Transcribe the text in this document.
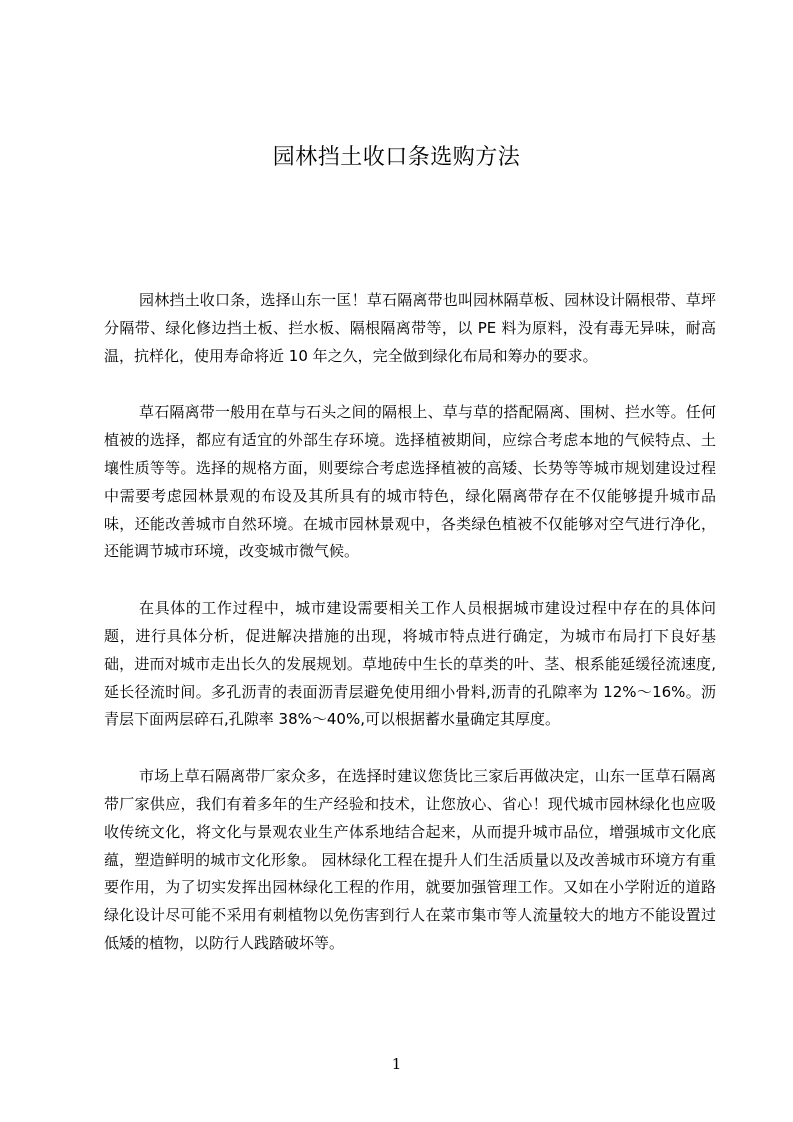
园林挡土收口条选购方法

园林挡土收口条，选择山东一匡！草石隔离带也叫园林隔草板、园林设计隔根带、草坪分隔带、绿化修边挡土板、拦水板、隔根隔离带等，以 PE 料为原料，没有毒无异味，耐高温，抗样化，使用寿命将近 10 年之久，完全做到绿化布局和筹办的要求。

草石隔离带一般用在草与石头之间的隔根上、草与草的搭配隔离、围树、拦水等。任何植被的选择，都应有适宜的外部生存环境。选择植被期间，应综合考虑本地的气候特点、土壤性质等等。选择的规格方面，则要综合考虑选择植被的高矮、长势等等城市规划建设过程中需要考虑园林景观的布设及其所具有的城市特色，绿化隔离带存在不仅能够提升城市品味，还能改善城市自然环境。在城市园林景观中，各类绿色植被不仅能够对空气进行净化，还能调节城市环境，改变城市微气候。

在具体的工作过程中，城市建设需要相关工作人员根据城市建设过程中存在的具体问题，进行具体分析，促进解决措施的出现，将城市特点进行确定，为城市布局打下良好基础，进而对城市走出长久的发展规划。草地砖中生长的草类的叶、茎、根系能延缓径流速度,延长径流时间。多孔沥青的表面沥青层避免使用细小骨料,沥青的孔隙率为 12%～16%。沥青层下面两层碎石,孔隙率 38%～40%,可以根据蓄水量确定其厚度。

市场上草石隔离带厂家众多，在选择时建议您货比三家后再做决定，山东一匡草石隔离带厂家供应，我们有着多年的生产经验和技术，让您放心、省心！现代城市园林绿化也应吸收传统文化，将文化与景观农业生产体系地结合起来，从而提升城市品位，增强城市文化底蕴，塑造鲜明的城市文化形象。 园林绿化工程在提升人们生活质量以及改善城市环境方有重要作用，为了切实发挥出园林绿化工程的作用，就要加强管理工作。又如在小学附近的道路绿化设计尽可能不采用有刺植物以免伤害到行人在菜市集市等人流量较大的地方不能设置过低矮的植物，以防行人践踏破坏等。

1
